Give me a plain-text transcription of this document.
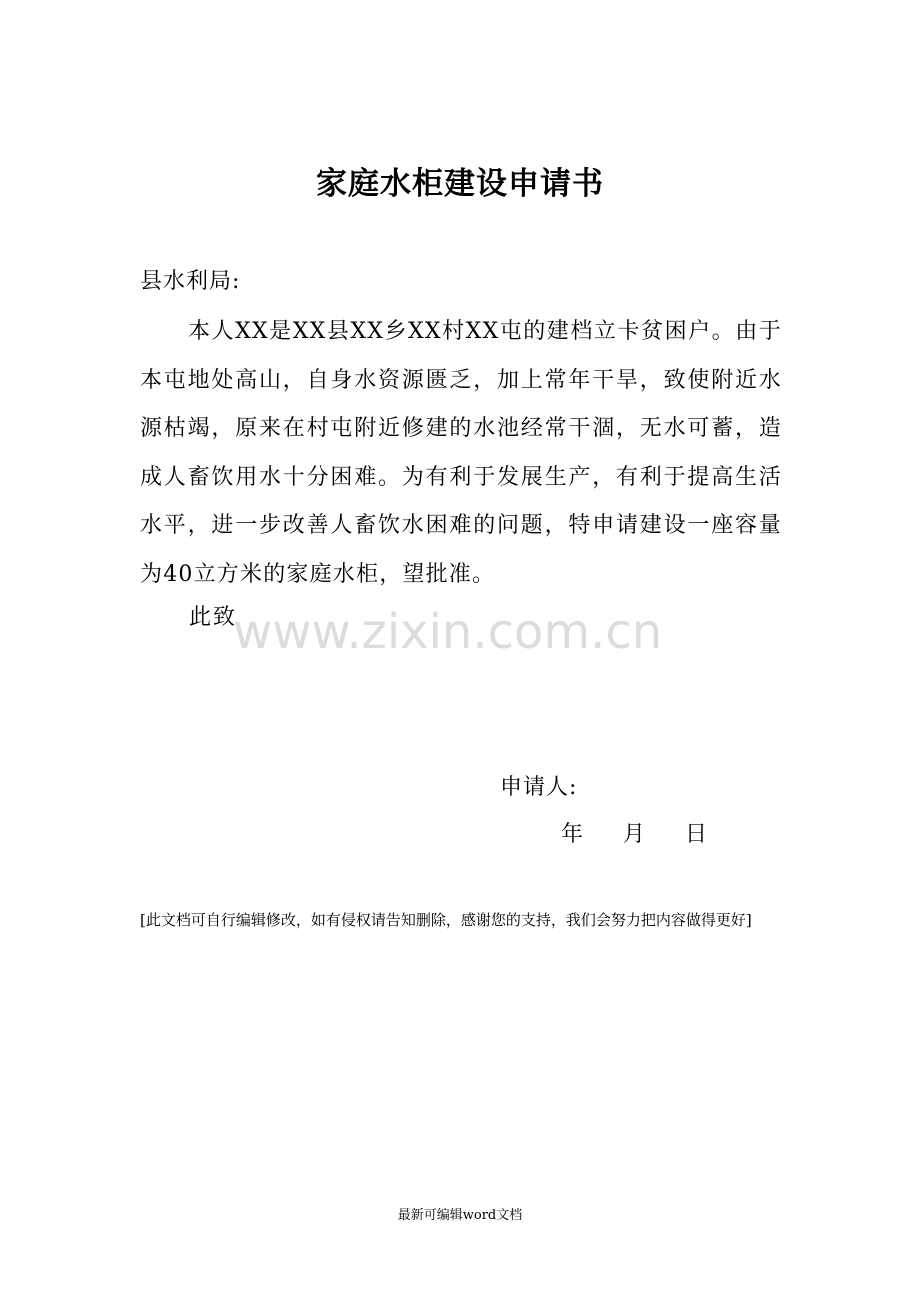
家庭水柜建设申请书
县水利局:

本人XX是XX县XX乡XX村XX屯的建档立卡贫困户。由于本屯地处高山，自身水资源匮乏，加上常年干旱，致使附近水源枯竭，原来在村屯附近修建的水池经常干涸，无水可蓄，造成人畜饮用水十分困难。为有利于发展生产，有利于提高生活水平，进一步改善人畜饮水困难的问题，特申请建设一座容量为40立方米的家庭水柜，望批准。

此致
www.zixin.com.cn
申请人:
年	月	日
[此文档可自行编辑修改，如有侵权请告知删除，感谢您的支持，我们会努力把内容做得更好]
最新可编辑word文档
